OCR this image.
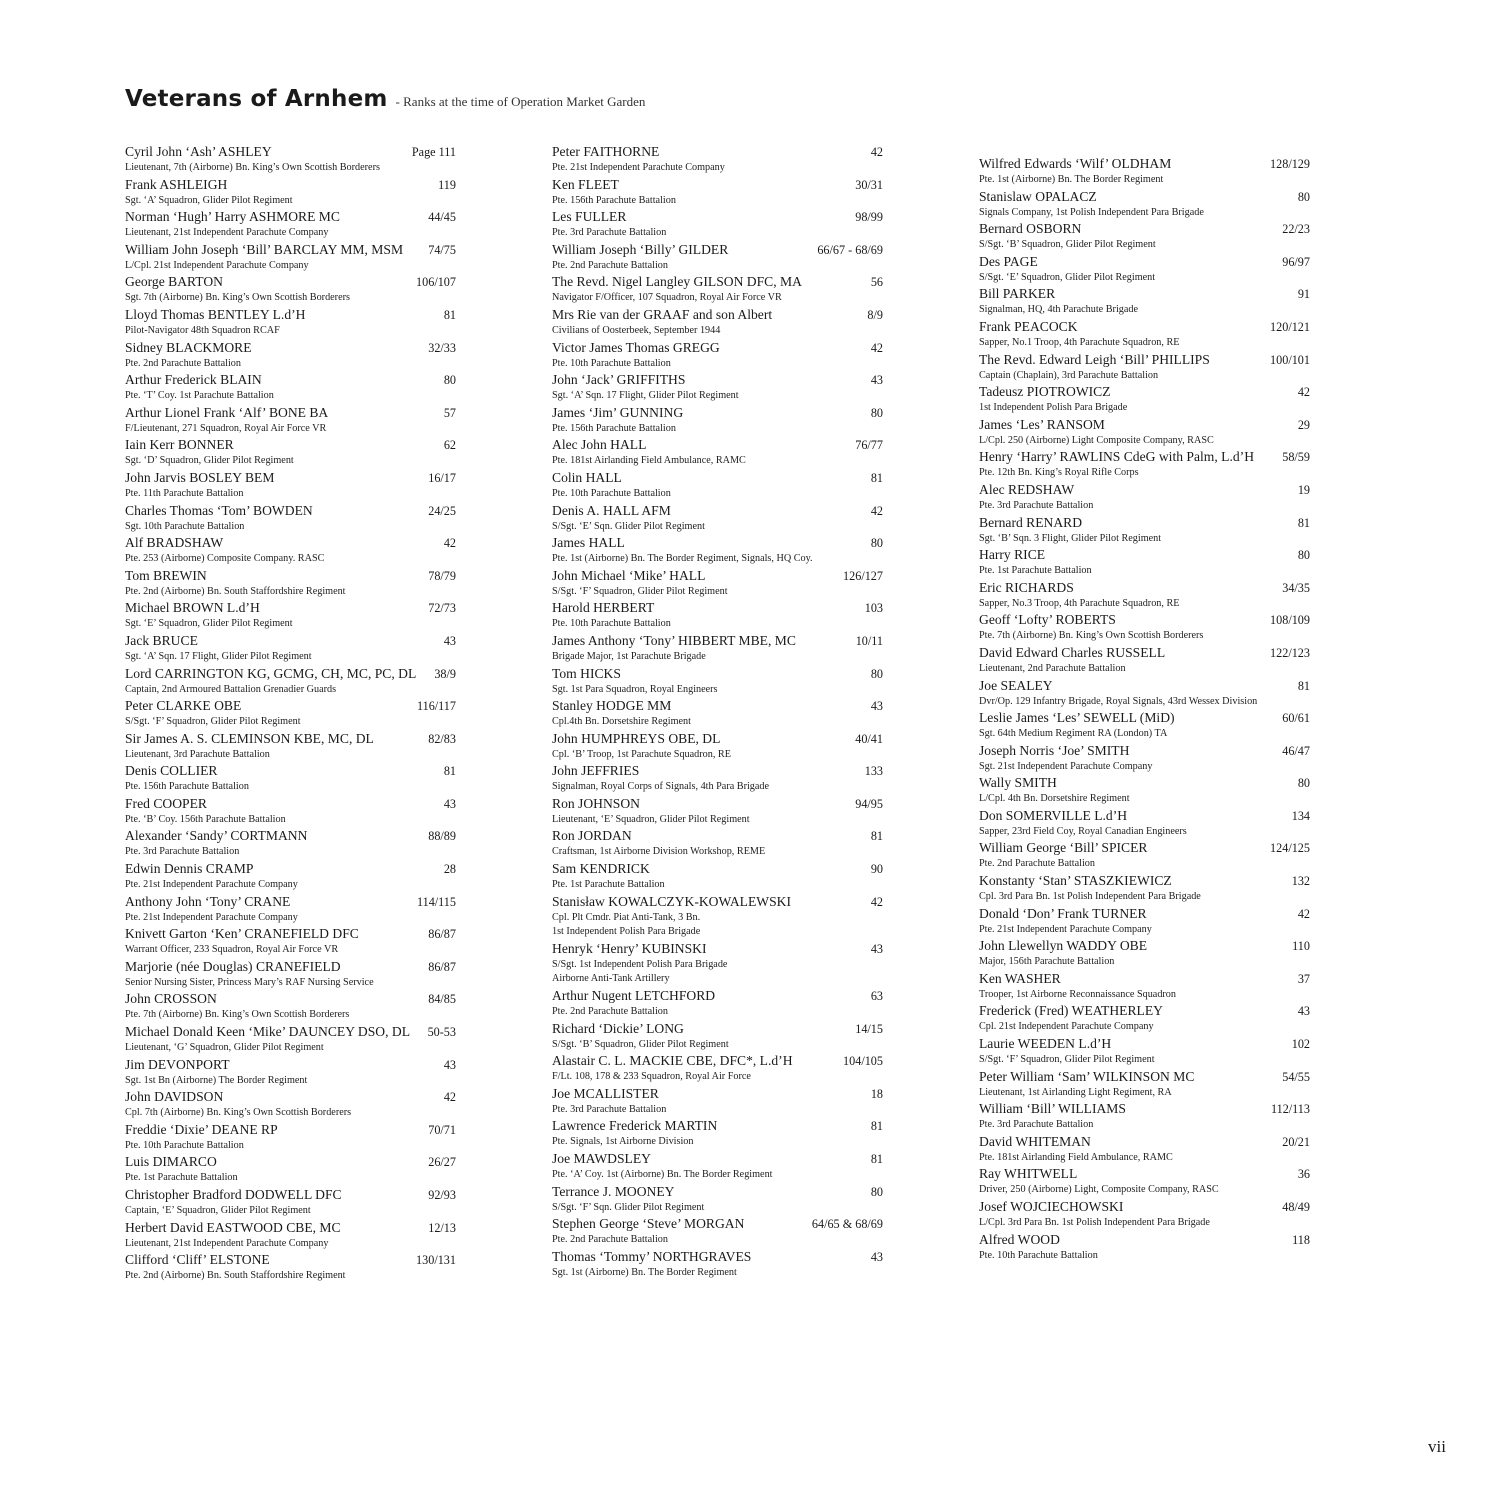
Veterans of Arnhem - Ranks at the time of Operation Market Garden
Cyril John ‘Ash’ ASHLEY	Page 111
Lieutenant, 7th (Airborne) Bn. King’s Own Scottish Borderers
Frank ASHLEIGH	119
Sgt. ‘A’ Squadron, Glider Pilot Regiment
Norman ‘Hugh’ Harry ASHMORE MC	44/45
Lieutenant, 21st Independent Parachute Company
William John Joseph ‘Bill’ BARCLAY MM, MSM	74/75
L/Cpl. 21st Independent Parachute Company
George BARTON	106/107
Sgt. 7th (Airborne) Bn. King’s Own Scottish Borderers
Lloyd Thomas BENTLEY L.d’H	81
Pilot-Navigator 48th Squadron RCAF
Sidney BLACKMORE	32/33
Pte. 2nd Parachute Battalion
Arthur Frederick BLAIN	80
Pte. ‘T’ Coy. 1st Parachute Battalion
Arthur Lionel Frank ‘Alf’ BONE BA	57
F/Lieutenant, 271 Squadron, Royal Air Force VR
Iain Kerr BONNER	62
Sgt. ‘D’ Squadron, Glider Pilot Regiment
John Jarvis BOSLEY BEM	16/17
Pte. 11th Parachute Battalion
Charles Thomas ‘Tom’ BOWDEN	24/25
Sgt. 10th Parachute Battalion
Alf BRADSHAW	42
Pte. 253 (Airborne) Composite Company. RASC
Tom BREWIN	78/79
Pte. 2nd (Airborne) Bn. South Staffordshire Regiment
Michael BROWN L.d’H	72/73
Sgt. ‘E’ Squadron, Glider Pilot Regiment
Jack BRUCE	43
Sgt. ‘A’ Sqn. 17 Flight, Glider Pilot Regiment
Lord CARRINGTON KG, GCMG, CH, MC, PC, DL	38/9
Captain, 2nd Armoured Battalion Grenadier Guards
Peter CLARKE OBE	116/117
S/Sgt. ‘F’ Squadron, Glider Pilot Regiment
Sir James A. S. CLEMINSON KBE, MC, DL	82/83
Lieutenant, 3rd Parachute Battalion
Denis COLLIER	81
Pte. 156th Parachute Battalion
Fred COOPER	43
Pte. ‘B’ Coy. 156th Parachute Battalion
Alexander ‘Sandy’ CORTMANN	88/89
Pte. 3rd Parachute Battalion
Edwin Dennis CRAMP	28
Pte. 21st Independent Parachute Company
Anthony John ‘Tony’ CRANE	114/115
Pte. 21st Independent Parachute Company
Knivett Garton ‘Ken’ CRANEFIELD DFC	86/87
Warrant Officer, 233 Squadron, Royal Air Force VR
Marjorie (née Douglas) CRANEFIELD	86/87
Senior Nursing Sister, Princess Mary’s RAF Nursing Service
John CROSSON	84/85
Pte. 7th (Airborne) Bn. King’s Own Scottish Borderers
Michael Donald Keen ‘Mike’ DAUNCEY DSO, DL	50-53
Lieutenant, ‘G’ Squadron, Glider Pilot Regiment
Jim DEVONPORT	43
Sgt. 1st Bn (Airborne) The Border Regiment
John DAVIDSON	42
Cpl. 7th (Airborne) Bn. King’s Own Scottish Borderers
Freddie ‘Dixie’ DEANE RP	70/71
Pte. 10th Parachute Battalion
Luis DIMARCO	26/27
Pte. 1st Parachute Battalion
Christopher Bradford DODWELL DFC	92/93
Captain, ‘E’ Squadron, Glider Pilot Regiment
Herbert David EASTWOOD CBE, MC	12/13
Lieutenant, 21st Independent Parachute Company
Clifford ‘Cliff’ ELSTONE	130/131
Pte. 2nd (Airborne) Bn. South Staffordshire Regiment
Peter FAITHORNE	42
Pte. 21st Independent Parachute Company
Ken FLEET	30/31
Pte. 156th Parachute Battalion
Les FULLER	98/99
Pte. 3rd Parachute Battalion
William Joseph ‘Billy’ GILDER	66/67 - 68/69
Pte. 2nd Parachute Battalion
The Revd. Nigel Langley GILSON DFC, MA	56
Navigator F/Officer, 107 Squadron, Royal Air Force VR
Mrs Rie van der GRAAF and son Albert	8/9
Civilians of Oosterbeek, September 1944
Victor James Thomas GREGG	42
Pte. 10th Parachute Battalion
John ‘Jack’ GRIFFITHS	43
Sgt. ‘A’ Sqn. 17 Flight, Glider Pilot Regiment
James ‘Jim’ GUNNING	80
Pte. 156th Parachute Battalion
Alec John HALL	76/77
Pte. 181st Airlanding Field Ambulance, RAMC
Colin HALL	81
Pte. 10th Parachute Battalion
Denis A. HALL AFM	42
S/Sgt. ‘E’ Sqn. Glider Pilot Regiment
James HALL	80
Pte. 1st (Airborne) Bn. The Border Regiment, Signals, HQ Coy.
John Michael ‘Mike’ HALL	126/127
S/Sgt. ‘F’ Squadron, Glider Pilot Regiment
Harold HERBERT	103
Pte. 10th Parachute Battalion
James Anthony ‘Tony’ HIBBERT MBE, MC	10/11
Brigade Major, 1st Parachute Brigade
Tom HICKS	80
Sgt. 1st Para Squadron, Royal Engineers
Stanley HODGE MM	43
Cpl.4th Bn. Dorsetshire Regiment
John HUMPHREYS OBE, DL	40/41
Cpl. ‘B’ Troop, 1st Parachute Squadron, RE
John JEFFRIES	133
Signalman, Royal Corps of Signals, 4th Para Brigade
Ron JOHNSON	94/95
Lieutenant, ‘E’ Squadron, Glider Pilot Regiment
Ron JORDAN	81
Craftsman, 1st Airborne Division Workshop, REME
Sam KENDRICK	90
Pte. 1st Parachute Battalion
Stanisław KOWALCZYK-KOWALEWSKI	42
Cpl. Plt Cmdr. Piat Anti-Tank, 3 Bn.
1st Independent Polish Para Brigade
Henryk ‘Henry’ KUBINSKI	43
S/Sgt. 1st Independent Polish Para Brigade
Airborne Anti-Tank Artillery
Arthur Nugent LETCHFORD	63
Pte. 2nd Parachute Battalion
Richard ‘Dickie’ LONG	14/15
S/Sgt. ‘B’ Squadron, Glider Pilot Regiment
Alastair C. L. MACKIE CBE, DFC*, L.d’H	104/105
F/Lt. 108, 178 & 233 Squadron, Royal Air Force
Joe MCALLISTER	18
Pte. 3rd Parachute Battalion
Lawrence Frederick MARTIN	81
Pte. Signals, 1st Airborne Division
Joe MAWDSLEY	81
Pte. ‘A’ Coy. 1st (Airborne) Bn. The Border Regiment
Terrance J. MOONEY	80
S/Sgt. ‘F’ Sqn. Glider Pilot Regiment
Stephen George ‘Steve’ MORGAN	64/65 & 68/69
Pte. 2nd Parachute Battalion
Thomas ‘Tommy’ NORTHGRAVES	43
Sgt. 1st (Airborne) Bn. The Border Regiment
Wilfred Edwards ‘Wilf’ OLDHAM	128/129
Pte. 1st (Airborne) Bn. The Border Regiment
Stanislaw OPALACZ	80
Signals Company, 1st Polish Independent Para Brigade
Bernard OSBORN	22/23
S/Sgt. ‘B’ Squadron, Glider Pilot Regiment
Des PAGE	96/97
S/Sgt. ‘E’ Squadron, Glider Pilot Regiment
Bill PARKER	91
Signalman, HQ, 4th Parachute Brigade
Frank PEACOCK	120/121
Sapper, No.1 Troop, 4th Parachute Squadron, RE
The Revd. Edward Leigh ‘Bill’ PHILLIPS	100/101
Captain (Chaplain), 3rd Parachute Battalion
Tadeusz PIOTROWICZ	42
1st Independent Polish Para Brigade
James ‘Les’ RANSOM	29
L/Cpl. 250 (Airborne) Light Composite Company, RASC
Henry ‘Harry’ RAWLINS CdeG with Palm, L.d’H	58/59
Pte. 12th Bn. King’s Royal Rifle Corps
Alec REDSHAW	19
Pte. 3rd Parachute Battalion
Bernard RENARD	81
Sgt. ‘B’ Sqn. 3 Flight, Glider Pilot Regiment
Harry RICE	80
Pte. 1st Parachute Battalion
Eric RICHARDS	34/35
Sapper, No.3 Troop, 4th Parachute Squadron, RE
Geoff ‘Lofty’ ROBERTS	108/109
Pte. 7th (Airborne) Bn. King’s Own Scottish Borderers
David Edward Charles RUSSELL	122/123
Lieutenant, 2nd Parachute Battalion
Joe SEALEY	81
Dvr/Op. 129 Infantry Brigade, Royal Signals, 43rd Wessex Division
Leslie James ‘Les’ SEWELL (MiD)	60/61
Sgt. 64th Medium Regiment RA (London) TA
Joseph Norris ‘Joe’ SMITH	46/47
Sgt. 21st Independent Parachute Company
Wally SMITH	80
L/Cpl. 4th Bn. Dorsetshire Regiment
Don SOMERVILLE L.d’H	134
Sapper, 23rd Field Coy, Royal Canadian Engineers
William George ‘Bill’ SPICER	124/125
Pte. 2nd Parachute Battalion
Konstanty ‘Stan’ STASZKIEWICZ	132
Cpl. 3rd Para Bn. 1st Polish Independent Para Brigade
Donald ‘Don’ Frank TURNER	42
Pte. 21st Independent Parachute Company
John Llewellyn WADDY OBE	110
Major, 156th Parachute Battalion
Ken WASHER	37
Trooper, 1st Airborne Reconnaissance Squadron
Frederick (Fred) WEATHERLEY	43
Cpl. 21st Independent Parachute Company
Laurie WEEDEN L.d’H	102
S/Sgt. ‘F’ Squadron, Glider Pilot Regiment
Peter William ‘Sam’ WILKINSON MC	54/55
Lieutenant, 1st Airlanding Light Regiment, RA
William ‘Bill’ WILLIAMS	112/113
Pte. 3rd Parachute Battalion
David WHITEMAN	20/21
Pte. 181st Airlanding Field Ambulance, RAMC
Ray WHITWELL	36
Driver, 250 (Airborne) Light, Composite Company, RASC
Josef WOJCIECHOWSKI	48/49
L/Cpl. 3rd Para Bn. 1st Polish Independent Para Brigade
Alfred WOOD	118
Pte. 10th Parachute Battalion
vii
